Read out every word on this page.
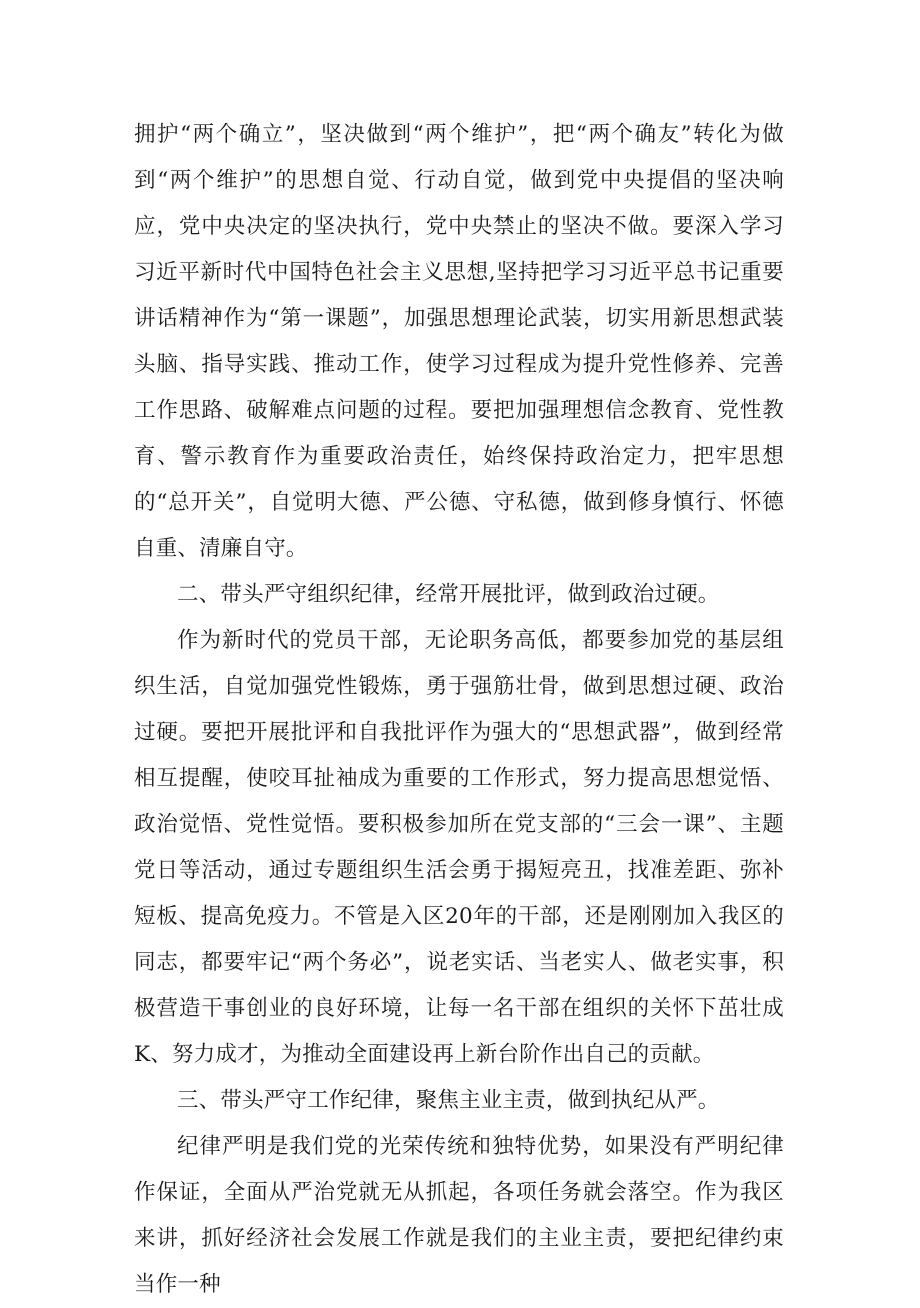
拥护“两个确立”，坚决做到“两个维护”，把“两个确友”转化为做到“两个维护”的思想自觉、行动自觉，做到党中央提倡的坚决响应，党中央决定的坚决执行，党中央禁止的坚决不做。要深入学习习近平新时代中国特色社会主义思想,坚持把学习习近平总书记重要讲话精神作为“第一课题”，加强思想理论武装，切实用新思想武装头脑、指导实践、推动工作，使学习过程成为提升党性修养、完善工作思路、破解难点问题的过程。要把加强理想信念教育、党性教育、警示教育作为重要政治责任，始终保持政治定力，把牢思想的“总开关”，自觉明大德、严公德、守私德，做到修身慎行、怀德自重、清廉自守。

二、带头严守组织纪律，经常开展批评，做到政治过硬。

作为新时代的党员干部，无论职务高低，都要参加党的基层组织生活，自觉加强党性锻炼，勇于强筋壮骨，做到思想过硬、政治过硬。要把开展批评和自我批评作为强大的“思想武器”，做到经常相互提醒，使咬耳扯袖成为重要的工作形式，努力提高思想觉悟、政治觉悟、党性觉悟。要积极参加所在党支部的“三会一课”、主题党日等活动，通过专题组织生活会勇于揭短亮丑，找准差距、弥补短板、提高免疫力。不管是入区20年的干部，还是刚刚加入我区的同志，都要牢记“两个务必”，说老实话、当老实人、做老实事，积极营造干事创业的良好环境，让每一名干部在组织的关怀下茁壮成K、努力成才，为推动全面建设再上新台阶作出自己的贡献。

三、带头严守工作纪律，聚焦主业主责，做到执纪从严。

纪律严明是我们党的光荣传统和独特优势，如果没有严明纪律作保证，全面从严治党就无从抓起，各项任务就会落空。作为我区来讲，抓好经济社会发展工作就是我们的主业主责，要把纪律约束当作一种
